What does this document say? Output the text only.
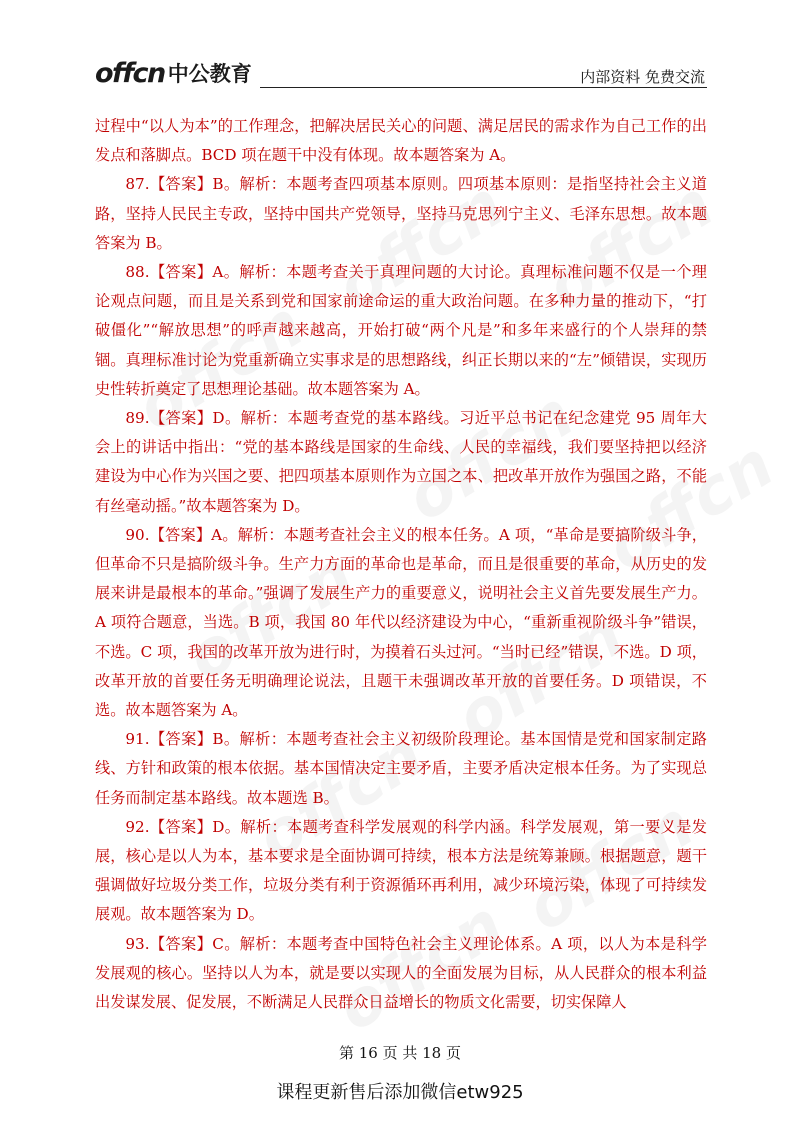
offcn 中公教育	内部资料 免费交流

过程中“以人为本”的工作理念，把解决居民关心的问题、满足居民的需求作为自己工作的出发点和落脚点。BCD 项在题干中没有体现。故本题答案为 A。

87.【答案】B。解析：本题考查四项基本原则。四项基本原则：是指坚持社会主义道路，坚持人民民主专政，坚持中国共产党领导，坚持马克思列宁主义、毛泽东思想。故本题答案为 B。

88.【答案】A。解析：本题考查关于真理问题的大讨论。真理标准问题不仅是一个理论观点问题，而且是关系到党和国家前途命运的重大政治问题。在多种力量的推动下，“打破僵化”“解放思想”的呼声越来越高，开始打破“两个凡是”和多年来盛行的个人崇拜的禁锢。真理标准讨论为党重新确立实事求是的思想路线，纠正长期以来的“左”倾错误，实现历史性转折奠定了思想理论基础。故本题答案为 A。

89.【答案】D。解析：本题考查党的基本路线。习近平总书记在纪念建党 95 周年大会上的讲话中指出：“党的基本路线是国家的生命线、人民的幸福线，我们要坚持把以经济建设为中心作为兴国之要、把四项基本原则作为立国之本、把改革开放作为强国之路，不能有丝毫动摇。”故本题答案为 D。

90.【答案】A。解析：本题考查社会主义的根本任务。A 项，“革命是要搞阶级斗争，但革命不只是搞阶级斗争。生产力方面的革命也是革命，而且是很重要的革命，从历史的发展来讲是最根本的革命。”强调了发展生产力的重要意义，说明社会主义首先要发展生产力。A 项符合题意，当选。B 项，我国 80 年代以经济建设为中心，“重新重视阶级斗争”错误，不选。C 项，我国的改革开放为进行时，为摸着石头过河。“当时已经”错误，不选。D 项，改革开放的首要任务无明确理论说法，且题干未强调改革开放的首要任务。D 项错误，不选。故本题答案为 A。

91.【答案】B。解析：本题考查社会主义初级阶段理论。基本国情是党和国家制定路线、方针和政策的根本依据。基本国情决定主要矛盾，主要矛盾决定根本任务。为了实现总任务而制定基本路线。故本题选 B。

92.【答案】D。解析：本题考查科学发展观的科学内涵。科学发展观，第一要义是发展，核心是以人为本，基本要求是全面协调可持续，根本方法是统筹兼顾。根据题意，题干强调做好垃圾分类工作，垃圾分类有利于资源循环再利用，减少环境污染，体现了可持续发展观。故本题答案为 D。

93.【答案】C。解析：本题考查中国特色社会主义理论体系。A 项，以人为本是科学发展观的核心。坚持以人为本，就是要以实现人的全面发展为目标，从人民群众的根本利益出发谋发展、促发展，不断满足人民群众日益增长的物质文化需要，切实保障人

第 16 页 共 18 页
课程更新售后添加微信etw925
